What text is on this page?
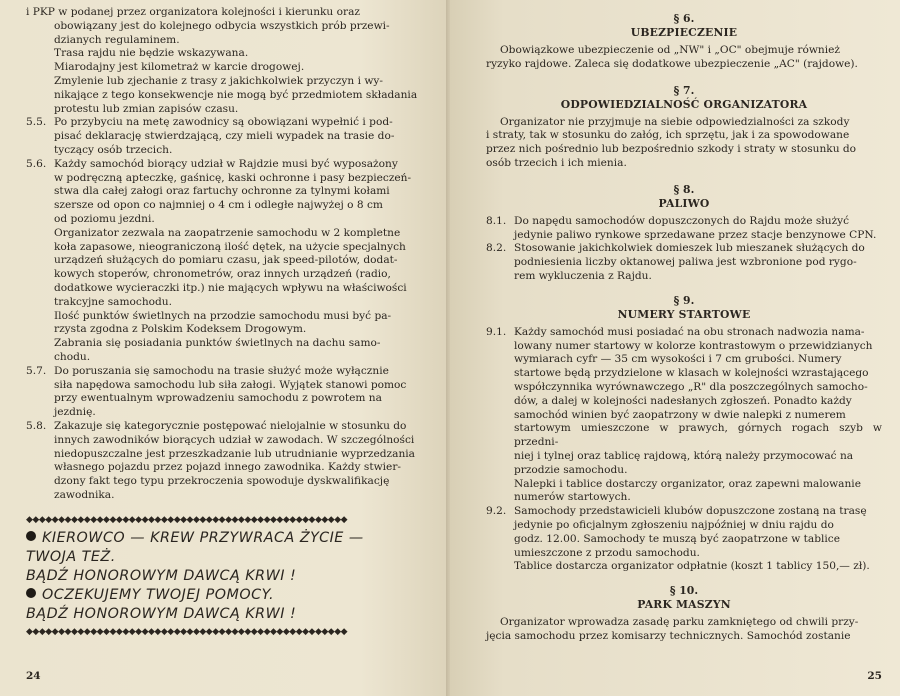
i PKP w podanej przez organizatora kolejności i kierunku oraz
obowiązany jest do kolejnego odbycia wszystkich prób przewi-
dzianych regulaminem.
Trasa rajdu nie będzie wskazywana.
Miarodajny jest kilometraż w karcie drogowej.
Zmylenie lub zjechanie z trasy z jakichkolwiek przyczyn i wy-
nikające z tego konsekwencje nie mogą być przedmiotem składania
protestu lub zmian zapisów czasu.
5.5. Po przybyciu na metę zawodnicy są obowiązani wypełnić i pod-
pisać deklarację stwierdzającą, czy mieli wypadek na trasie do-
tyczący osób trzecich.
5.6. Każdy samochód biorący udział w Rajdzie musi być wyposażony
w podręczną apteczkę, gaśnicę, kaski ochronne i pasy bezpieczeń-
stwa dla całej załogi oraz fartuchy ochronne za tylnymi kołami
szersze od opon co najmniej o 4 cm i odległe najwyżej o 8 cm
od poziomu jezdni.
Organizator zezwala na zaopatrzenie samochodu w 2 kompletne
koła zapasowe, nieograniczoną ilość dętek, na użycie specjalnych
urządzeń służących do pomiaru czasu, jak speed-pilotów, dodat-
kowych stoperów, chronometrów, oraz innych urządzeń (radio,
dodatkowe wycieraczki itp.) nie mających wpływu na właściwości
trakcyjne samochodu.
Ilość punktów świetlnych na przodzie samochodu musi być pa-
rzysta zgodna z Polskim Kodeksem Drogowym.
Zabrania się posiadania punktów świetlnych na dachu samo-
chodu.
5.7. Do poruszania się samochodu na trasie służyć może wyłącznie
siła napędowa samochodu lub siła załogi. Wyjątek stanowi pomoc
przy ewentualnym wprowadzeniu samochodu z powrotem na
jezdnię.
5.8. Zakazuje się kategorycznie postępować nielojalnie w stosunku do
innych zawodników biorących udział w zawodach. W szczególności
niedopuszczalne jest przeszkadzanie lub utrudnianie wyprzedzania
własnego pojazdu przez pojazd innego zawodnika. Każdy stwier-
dzony fakt tego typu przekroczenia spowoduje dyskwalifikację
zawodnika.
◆◆◆◆◆◆◆◆◆◆◆◆◆◆◆◆◆◆◆◆◆◆◆◆◆◆◆◆◆◆◆◆◆◆◆◆◆◆◆◆◆◆◆◆◆◆◆◆◆◆
KIEROWCO — KREW PRZYWRACA ŻYCIE —
TWOJA TEŻ.
BĄDŹ HONOROWYM DAWCĄ KRWI !
OCZEKUJEMY TWOJEJ POMOCY.
BĄDŹ HONOROWYM DAWCĄ KRWI !
◆◆◆◆◆◆◆◆◆◆◆◆◆◆◆◆◆◆◆◆◆◆◆◆◆◆◆◆◆◆◆◆◆◆◆◆◆◆◆◆◆◆◆◆◆◆◆◆◆◆
24
§ 6.
UBEZPIECZENIE
Obowiązkowe ubezpieczenie od „NW" i „OC" obejmuje również
ryzyko rajdowe. Zaleca się dodatkowe ubezpieczenie „AC" (rajdowe).
§ 7.
ODPOWIEDZIALNOŚĆ ORGANIZATORA
Organizator nie przyjmuje na siebie odpowiedzialności za szkody
i straty, tak w stosunku do załóg, ich sprzętu, jak i za spowodowane
przez nich pośrednio lub bezpośrednio szkody i straty w stosunku do
osób trzecich i ich mienia.
§ 8.
PALIWO
8.1. Do napędu samochodów dopuszczonych do Rajdu może służyć
jedynie paliwo rynkowe sprzedawane przez stacje benzynowe CPN.
8.2. Stosowanie jakichkolwiek domieszek lub mieszanek służących do
podniesienia liczby oktanowej paliwa jest wzbronione pod rygo-
rem wykluczenia z Rajdu.
§ 9.
NUMERY STARTOWE
9.1. Każdy samochód musi posiadać na obu stronach nadwozia nama-
lowany numer startowy w kolorze kontrastowym o przewidzianych
wymiarach cyfr — 35 cm wysokości i 7 cm grubości. Numery
startowe będą przydzielone w klasach w kolejności wzrastającego
współczynnika wyrównawczego „R" dla poszczególnych samocho-
dów, a dalej w kolejności nadesłanych zgłoszeń. Ponadto każdy
samochód winien być zaopatrzony w dwie nalepki z numerem
startowym umieszczone w prawych, górnych rogach szyb w przedni-
niej i tylnej oraz tablicę rajdową, którą należy przymocować na
przodzie samochodu.
Nalepki i tablice dostarczy organizator, oraz zapewni malowanie
numerów startowych.
9.2. Samochody przedstawicieli klubów dopuszczone zostaną na trasę
jedynie po oficjalnym zgłoszeniu najpóźniej w dniu rajdu do
godz. 12.00. Samochody te muszą być zaopatrzone w tablice
umieszczone z przodu samochodu.
Tablice dostarcza organizator odpłatnie (koszt 1 tablicy 150,— zł).
§ 10.
PARK MASZYN
Organizator wprowadza zasadę parku zamkniętego od chwili przy-
jęcia samochodu przez komisarzy technicznych. Samochód zostanie
25
